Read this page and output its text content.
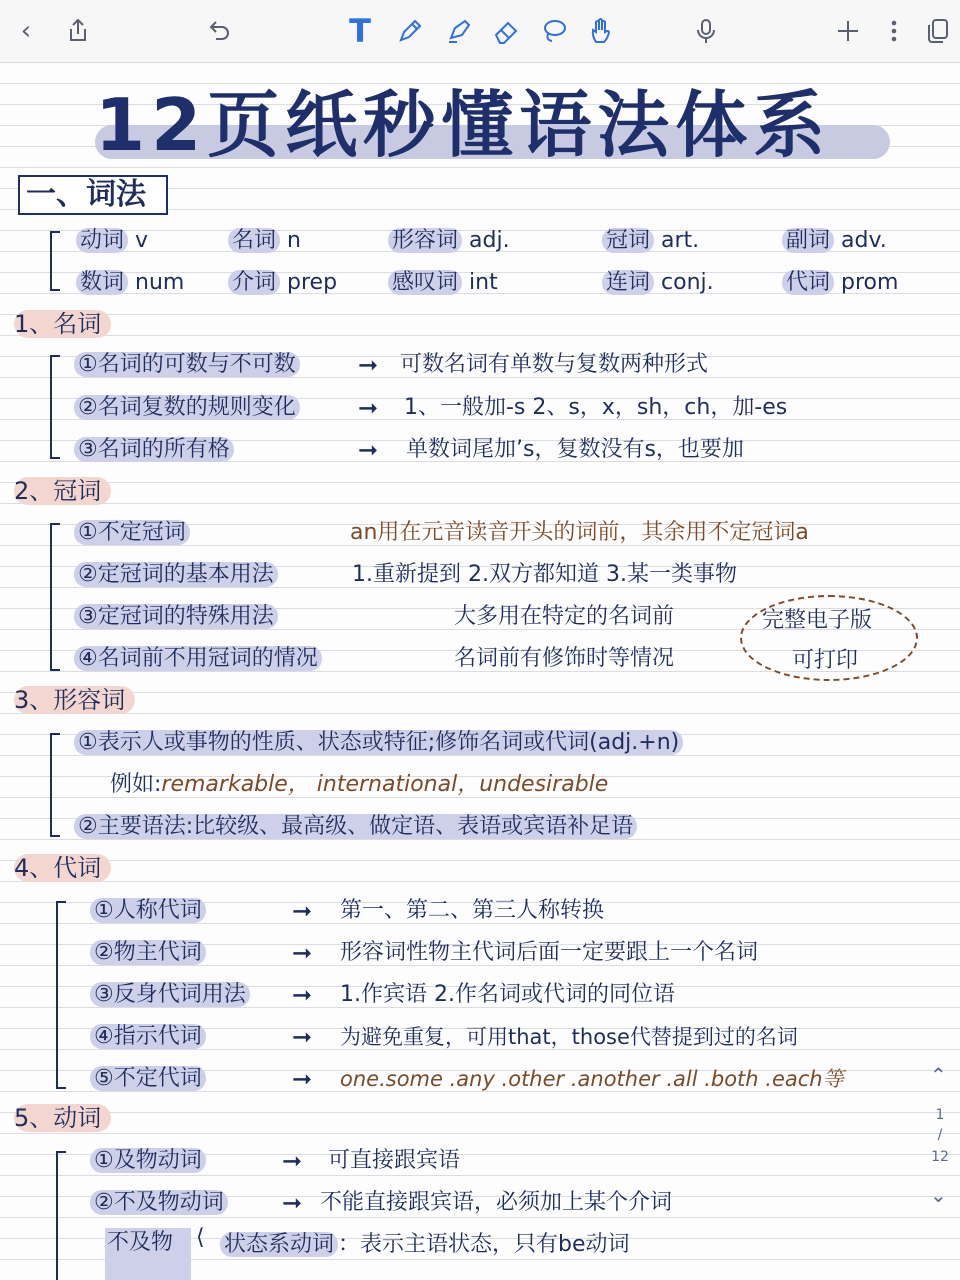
‹	T
12页纸秒懂语法体系
一、词法
动词 v	名词 n	形容词 adj.	冠词 art.	副词 adv.
数词 num 介词 prep 感叹词 int	连词 conj.	代词 prom
1、名词
①名词的可数与不可数	➞ 可数名词有单数与复数两种形式
②名词复数的规则变化	➞ 1、一般加-s 2、s，x，sh，ch，加-es
③名词的所有格	➞ 单数词尾加’s，复数没有s，也要加
2、冠词
①不定冠词	an用在元音读音开头的词前，其余用不定冠词a
②定冠词的基本用法	1.重新提到 2.双方都知道 3.某一类事物
③定冠词的特殊用法	大多用在特定的名词前
④名词前不用冠词的情况	名词前有修饰时等情况
完整电子版
可打印
3、形容词
①表示人或事物的性质、状态或特征;修饰名词或代词(adj.+n)
例如:remarkable， international，undesirable
②主要语法:比较级、最高级、做定语、表语或宾语补足语
4、代词
①人称代词	➞ 第一、第二、第三人称转换
②物主代词	➞ 形容词性物主代词后面一定要跟上一个名词
③反身代词用法 ➞ 1.作宾语 2.作名词或代词的同位语
④指示代词	➞ 为避免重复，可用that，those代替提到过的名词
⑤不定代词	➞ one.some .any .other .another .all .both .each等
5、动词
①及物动词	➞ 可直接跟宾语
②不及物动词 ➞ 不能直接跟宾语，必须加上某个介词
不及物	⟨ 状态系动词 ：表示主语状态，只有be动词
⌃
1
/
12
⌄
